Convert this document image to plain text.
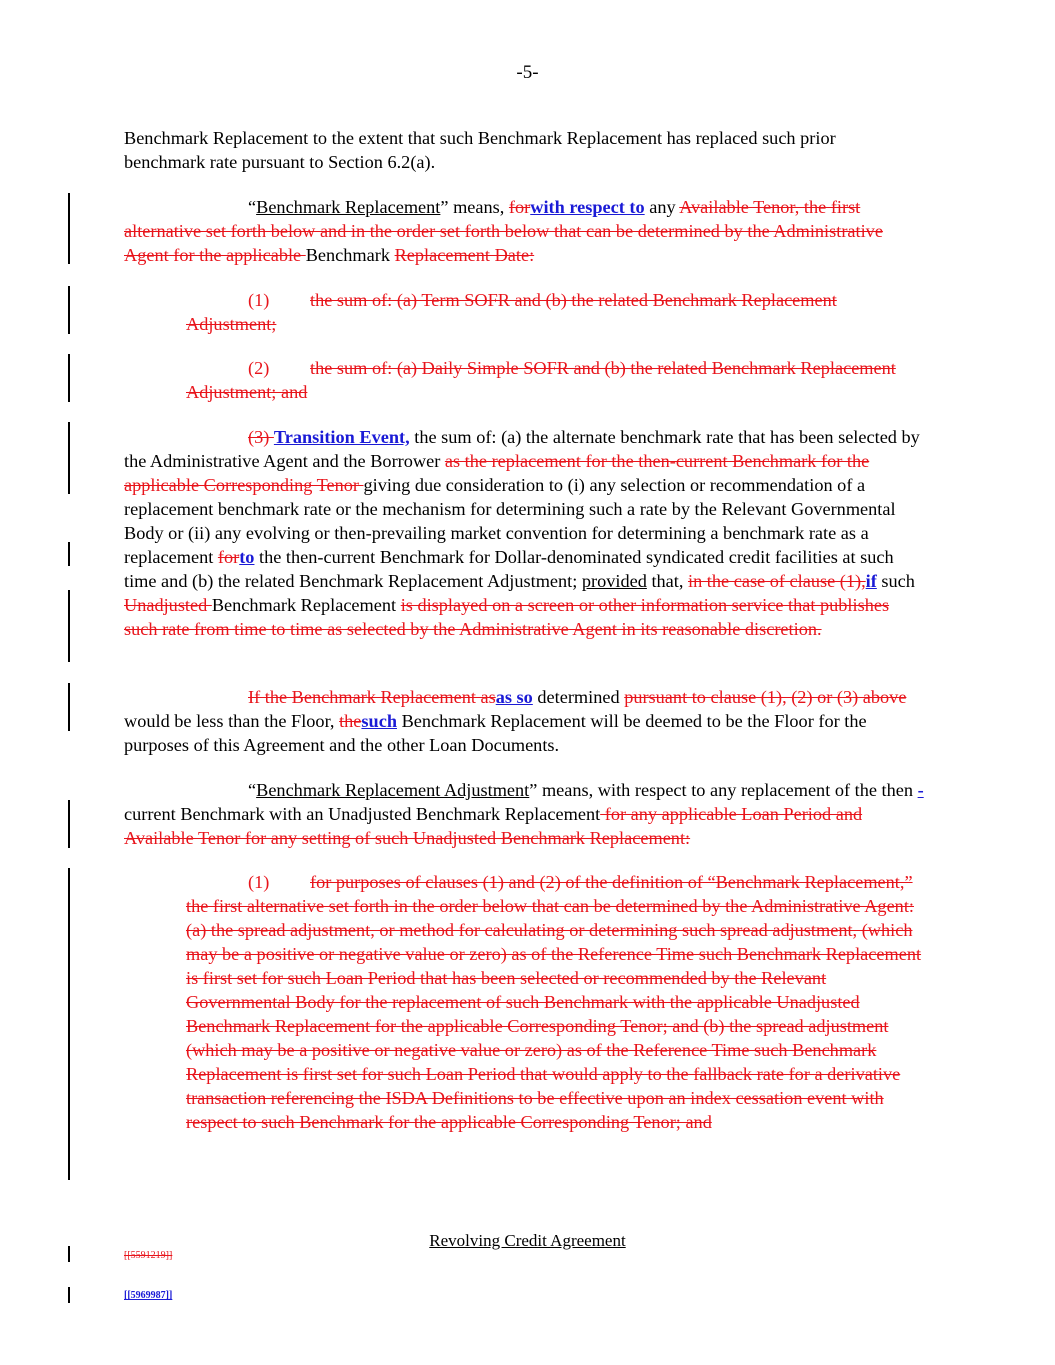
-5-
Benchmark Replacement to the extent that such Benchmark Replacement has replaced such prior
benchmark rate pursuant to Section 6.2(a).
“Benchmark Replacement” means, forwith respect to any Available Tenor, the first alternative set forth below and in the order set forth below that can be determined by the Administrative Agent for the applicable Benchmark Replacement Date:
(1) the sum of: (a) Term SOFR and (b) the related Benchmark Replacement Adjustment;
(2) the sum of: (a) Daily Simple SOFR and (b) the related Benchmark Replacement Adjustment; and
(3) Transition Event, the sum of: (a) the alternate benchmark rate that has been selected by the Administrative Agent and the Borrower as the replacement for the then-current Benchmark for the applicable Corresponding Tenor giving due consideration to (i) any selection or recommendation of a replacement benchmark rate or the mechanism for determining such a rate by the Relevant Governmental Body or (ii) any evolving or then-prevailing market convention for determining a benchmark rate as a replacement forto the then-current Benchmark for Dollar-denominated syndicated credit facilities at such time and (b) the related Benchmark Replacement Adjustment; provided that, in the case of clause (1),if such Unadjusted Benchmark Replacement is displayed on a screen or other information service that publishes such rate from time to time as selected by the Administrative Agent in its reasonable discretion.
If the Benchmark Replacement asas so determined pursuant to clause (1), (2) or (3) above would be less than the Floor, thesuch Benchmark Replacement will be deemed to be the Floor for the purposes of this Agreement and the other Loan Documents.
“Benchmark Replacement Adjustment” means, with respect to any replacement of the then -current Benchmark with an Unadjusted Benchmark Replacement for any applicable Loan Period and Available Tenor for any setting of such Unadjusted Benchmark Replacement:
(1) for purposes of clauses (1) and (2) of the definition of “Benchmark Replacement,” the first alternative set forth in the order below that can be determined by the Administrative Agent: (a) the spread adjustment, or method for calculating or determining such spread adjustment, (which may be a positive or negative value or zero) as of the Reference Time such Benchmark Replacement is first set for such Loan Period that has been selected or recommended by the Relevant Governmental Body for the replacement of such Benchmark with the applicable Unadjusted Benchmark Replacement for the applicable Corresponding Tenor; and (b) the spread adjustment (which may be a positive or negative value or zero) as of the Reference Time such Benchmark Replacement is first set for such Loan Period that would apply to the fallback rate for a derivative transaction referencing the ISDA Definitions to be effective upon an index cessation event with respect to such Benchmark for the applicable Corresponding Tenor; and
Revolving Credit Agreement
[[5591219]]
[[5969987]]
